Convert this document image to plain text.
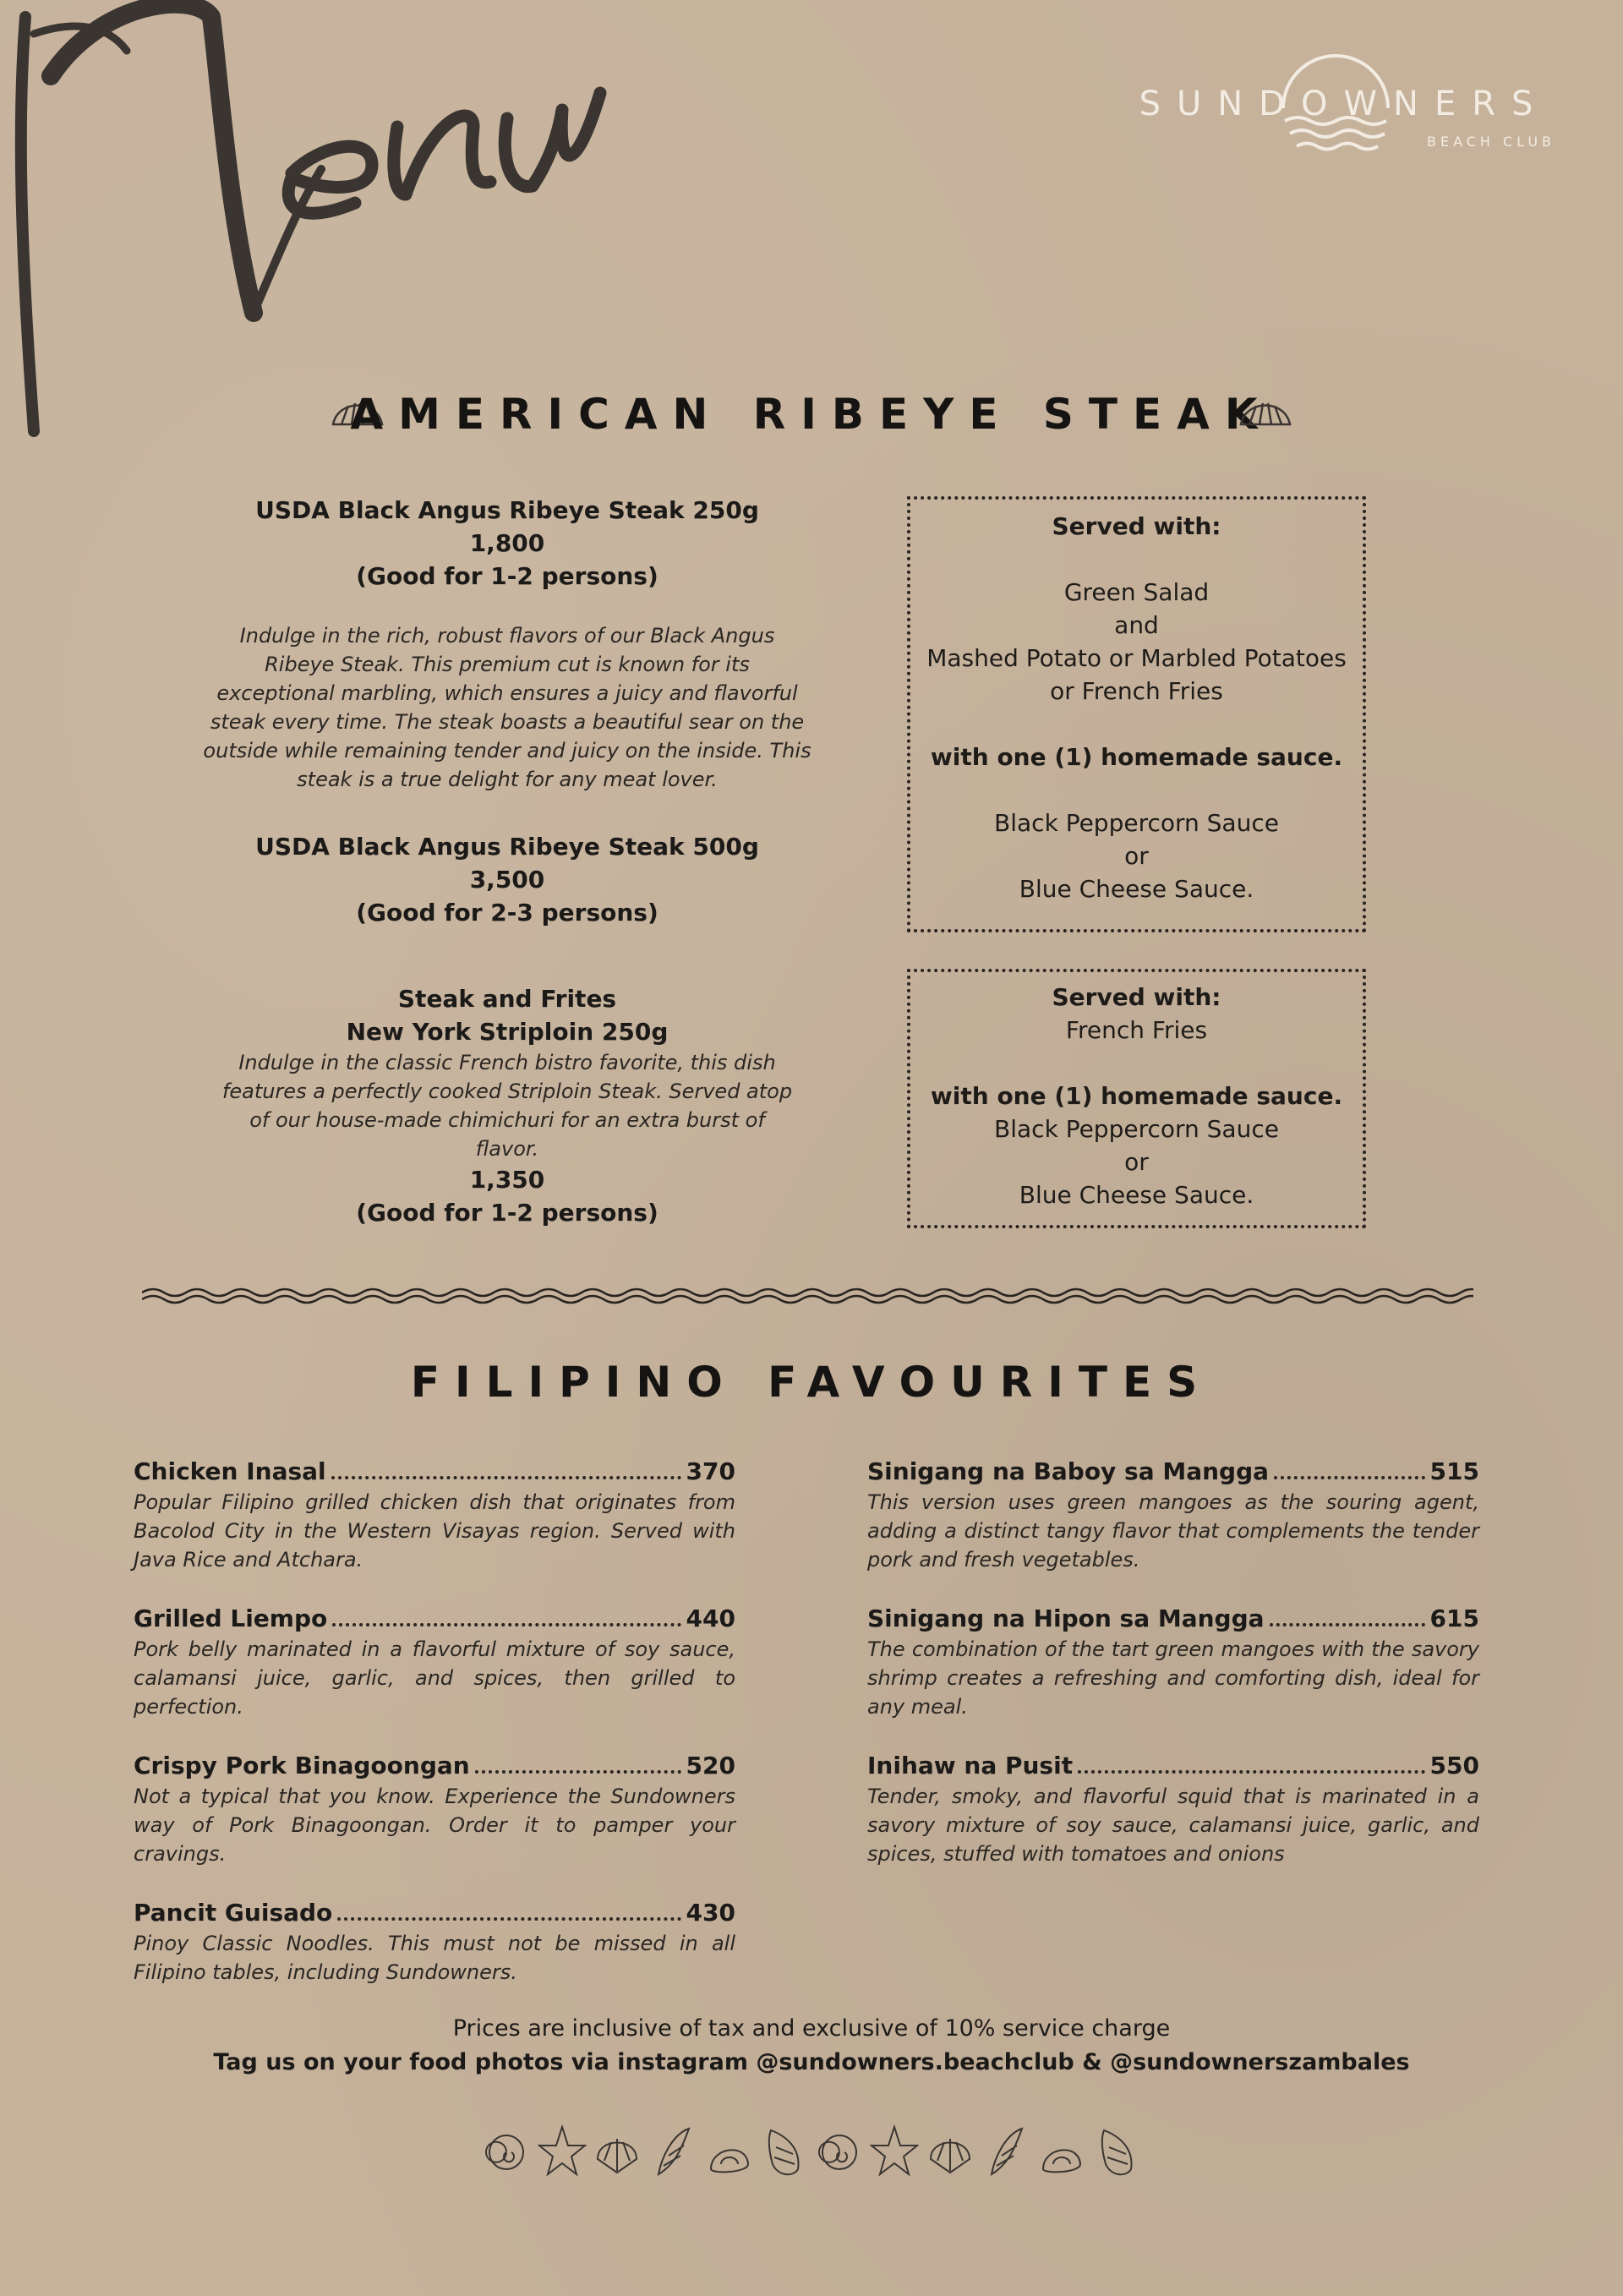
SUNDOWNERS
BEACH CLUB
AMERICAN RIBEYE STEAK
USDA Black Angus Ribeye Steak 250g
1,800
(Good for 1-2 persons)
Indulge in the rich, robust flavors of our Black Angus Ribeye Steak. This premium cut is known for its exceptional marbling, which ensures a juicy and flavorful steak every time. The steak boasts a beautiful sear on the outside while remaining tender and juicy on the inside. This steak is a true delight for any meat lover.
USDA Black Angus Ribeye Steak 500g
3,500
(Good for 2-3 persons)
Steak and Frites
New York Striploin 250g
Indulge in the classic French bistro favorite, this dish features a perfectly cooked Striploin Steak. Served atop of our house-made chimichuri for an extra burst of flavor.
1,350
(Good for 1-2 persons)
Served with:
Green Salad
and
Mashed Potato or Marbled Potatoes
or French Fries
with one (1) homemade sauce.
Black Peppercorn Sauce
or
Blue Cheese Sauce.
Served with:
French Fries
with one (1) homemade sauce.
Black Peppercorn Sauce
or
Blue Cheese Sauce.
FILIPINO FAVOURITES
Chicken Inasal	370
Popular Filipino grilled chicken dish that originates from Bacolod City in the Western Visayas region. Served with Java Rice and Atchara.
Grilled Liempo	440
Pork belly marinated in a flavorful mixture of soy sauce, calamansi juice, garlic, and spices, then grilled to perfection.
Crispy Pork Binagoongan	520
Not a typical that you know. Experience the Sundowners way of Pork Binagoongan. Order it to pamper your cravings.
Pancit Guisado	430
Pinoy Classic Noodles. This must not be missed in all Filipino tables, including Sundowners.
Sinigang na Baboy sa Mangga	515
This version uses green mangoes as the souring agent, adding a distinct tangy flavor that complements the tender pork and fresh vegetables.
Sinigang na Hipon sa Mangga	615
The combination of the tart green mangoes with the savory shrimp creates a refreshing and comforting dish, ideal for any meal.
Inihaw na Pusit	550
Tender, smoky, and flavorful squid that is marinated in a savory mixture of soy sauce, calamansi juice, garlic, and spices, stuffed with tomatoes and onions
Prices are inclusive of tax and exclusive of 10% service charge
Tag us on your food photos via instagram @sundowners.beachclub & @sundownerszambales
